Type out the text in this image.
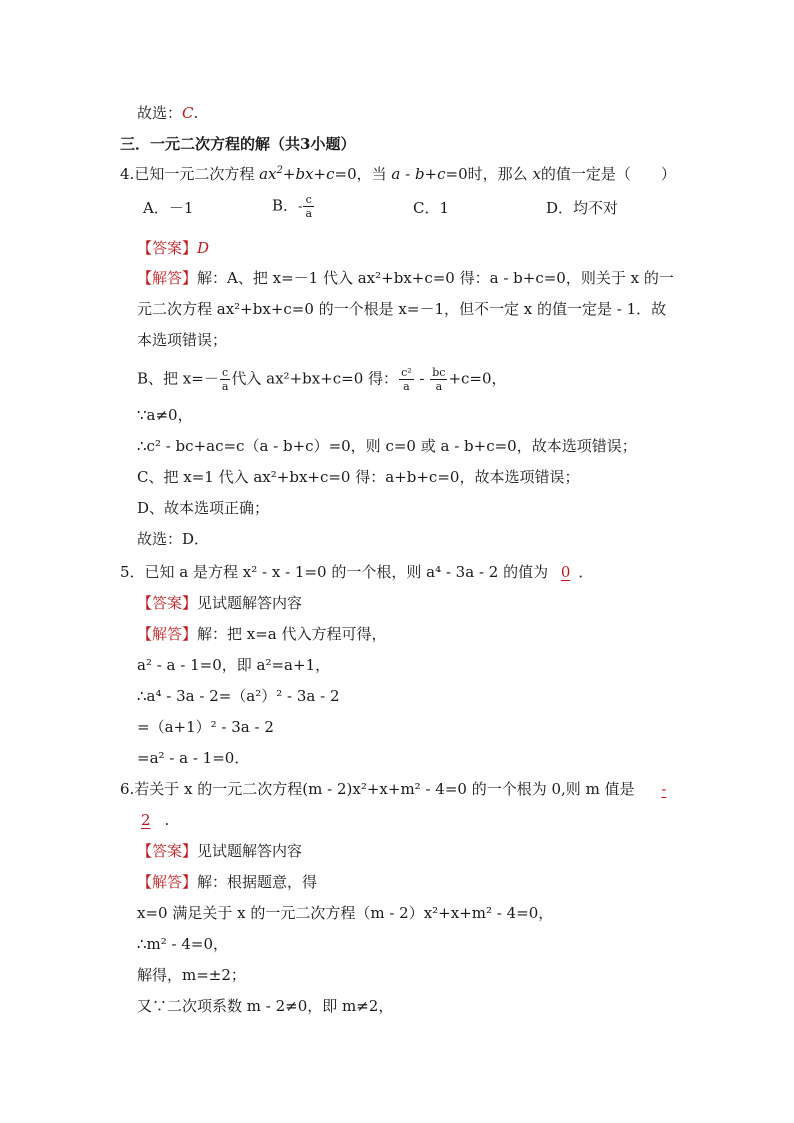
故选：C.
三．一元二次方程的解（共3小题）
4.已知一元二次方程 $ax^2+bx+c=0$，当 a - b+c=0时，那么 x的值一定是（　　）
A．－1	B．- $\frac{c}{a}$	C．1	D．均不对
【答案】D
【解答】解：A、把 x=－1 代入 ax²+bx+c=0 得：a - b+c=0，则关于 x 的一
元二次方程 ax²+bx+c=0 的一个根是 x=－1，但不一定 x 的值一定是 - 1．故
本选项错误；
B、把 $x=- \frac{c}{a}$ 代入 ax²+bx+c=0 得： $\frac{\text{c²}}{a} - \frac{bc}{a} +c=0$，
∵a≠0，
∴c² - bc+ac=c（a - b+c）=0，则 c=0 或 a - b+c=0，故本选项错误；
C、把 x=1 代入 ax²+bx+c=0 得：a+b+c=0，故本选项错误；
D、故本选项正确；
故选：D．
5．已知 a 是方程 x² - x - 1=0 的一个根，则 a⁴ - 3a - 2 的值为 0 ．
【答案】见试题解答内容
【解答】解：把 x=a 代入方程可得，
a² - a - 1=0，即 a²=a+1，
∴a⁴ - 3a - 2=（a²）² - 3a - 2
=（a+1）² - 3a - 2
=a² - a - 1=0．
6.若关于 x 的一元二次方程(m - 2)x²+x+m² - 4=0 的一个根为 0,则 m 值是 -
2 .
【答案】见试题解答内容
【解答】解：根据题意，得
x=0 满足关于 x 的一元二次方程（m - 2）x²+x+m² - 4=0，
∴m² - 4=0，
解得，m=±2；
又∵二次项系数 m - 2≠0，即 m≠2，
